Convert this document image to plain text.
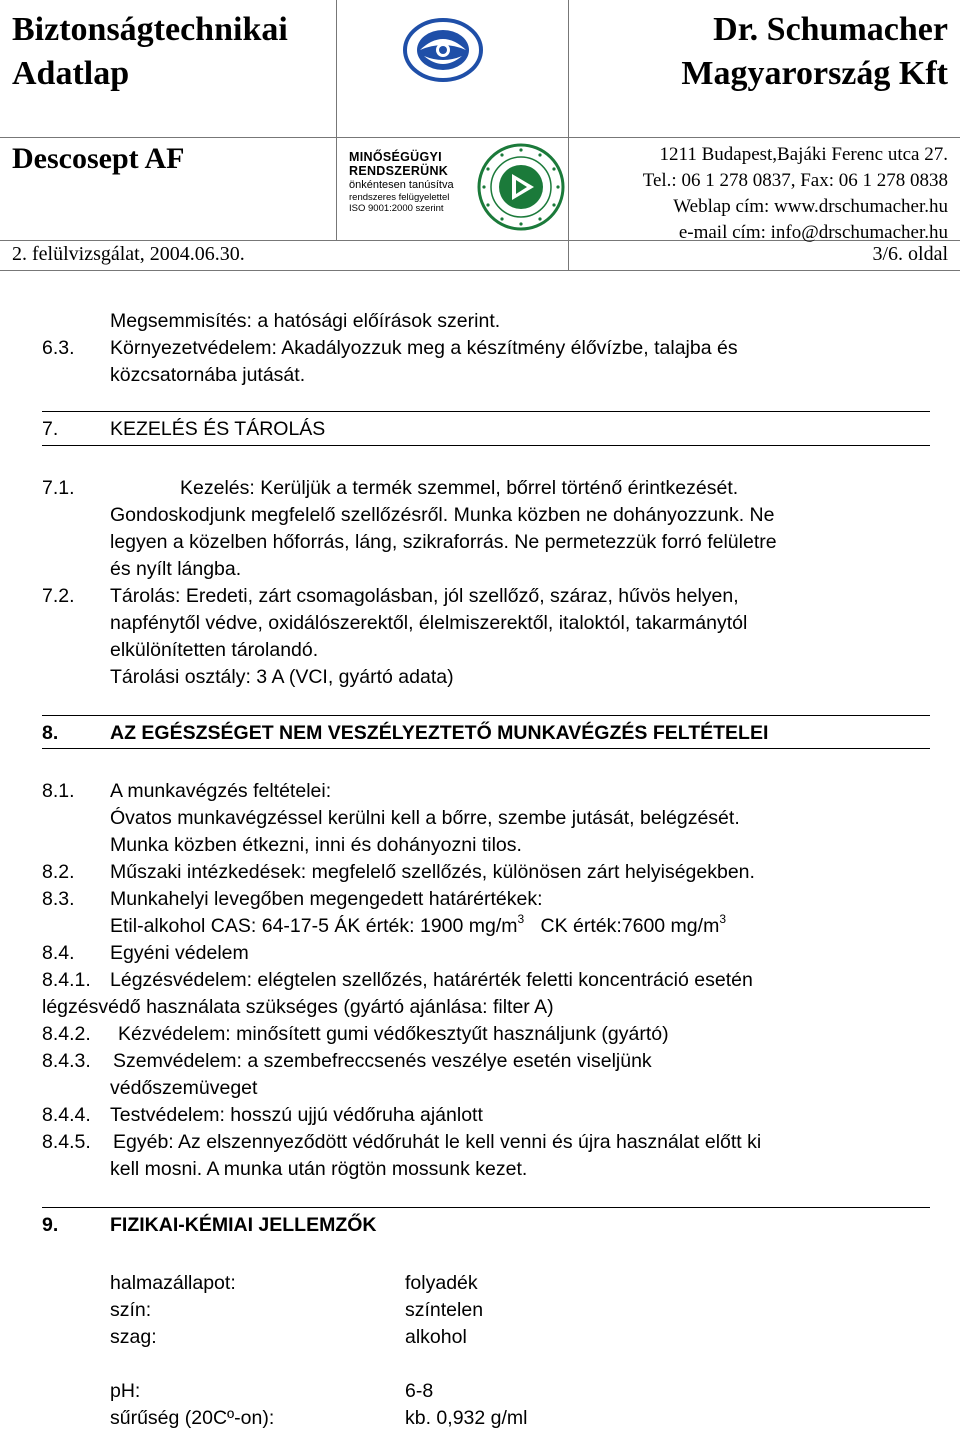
Biztonságtechnikai
Adatlap
Dr. Schumacher
Magyarország Kft
Descosept AF	MINŐSÉGÜGYI
RENDSZERÜNK
önkéntesen tanúsítva
rendszeres felügyelettel
ISO 9001:2000 szerint
1211 Budapest,Bajáki Ferenc utca 27.
Tel.: 06 1 278 0837, Fax: 06 1 278 0838
Weblap cím: www.drschumacher.hu
e-mail cím: info@drschumacher.hu
2. felülvizsgálat, 2004.06.30.	3/6. oldal
Megsemmisítés: a hatósági előírások szerint.
6.3. Környezetvédelem: Akadályozzuk meg a készítmény élővízbe, talajba és
közcsatornába jutását.
7.	KEZELÉS ÉS TÁROLÁS
7.1.	Kezelés: Kerüljük a termék szemmel, bőrrel történő érintkezését.
Gondoskodjunk megfelelő szellőzésről. Munka közben ne dohányozzunk. Ne
legyen a közelben hőforrás, láng, szikraforrás. Ne permetezzük forró felületre
és nyílt lángba.
7.2. Tárolás: Eredeti, zárt csomagolásban, jól szellőző, száraz, hűvös helyen,
napfénytől védve, oxidálószerektől, élelmiszerektől, italoktól, takarmánytól
elkülönítetten tárolandó.
Tárolási osztály: 3 A (VCI, gyártó adata)
8.	AZ EGÉSZSÉGET NEM VESZÉLYEZTETŐ MUNKAVÉGZÉS FELTÉTELEI
8.1. A munkavégzés feltételei:
Óvatos munkavégzéssel kerülni kell a bőrre, szembe jutását, belégzését.
Munka közben étkezni, inni és dohányozni tilos.
8.2. Műszaki intézkedések: megfelelő szellőzés, különösen zárt helyiségekben.
8.3. Munkahelyi levegőben megengedett határértékek:
Etil-alkohol CAS: 64-17-5 ÁK érték: 1900 $mg/m^3$ CK érték:7600 $mg/m^3$
8.4. Egyéni védelem
8.4.1. Légzésvédelem: elégtelen szellőzés, határérték feletti koncentráció esetén
légzésvédő használata szükséges (gyártó ajánlása: filter A)
8.4.2. Kézvédelem: minősített gumi védőkesztyűt használjunk (gyártó)
8.4.3. Szemvédelem: a szembefreccsenés veszélye esetén viseljünk
védőszemüveget
8.4.4. Testvédelem: hosszú ujjú védőruha ajánlott
8.4.5. Egyéb: Az elszennyeződött védőruhát le kell venni és újra használat előtt ki
kell mosni. A munka után rögtön mossunk kezet.
9.	FIZIKAI-KÉMIAI JELLEMZŐK
halmazállapot:	folyadék
szín:	színtelen
szag:	alkohol
pH:	6-8
sűrűség (20Cº-on):	kb. 0,932 g/ml
